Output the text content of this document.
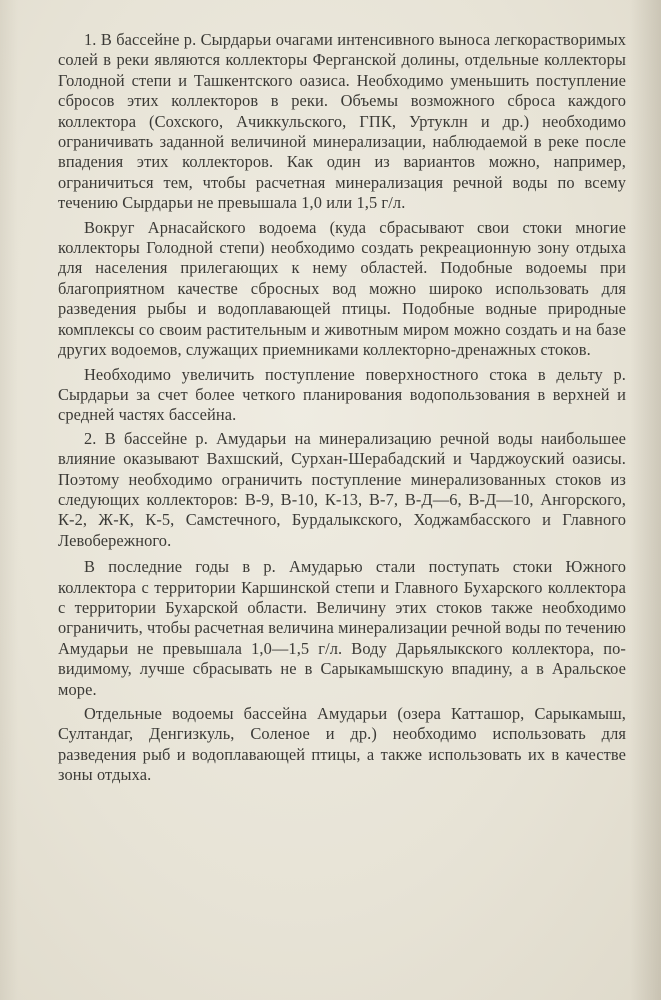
1. В бассейне р. Сырдарьи очагами интенсивного выноса легкорастворимых солей в реки являются коллекторы Ферганской долины, отдельные коллекторы Голодной степи и Ташкентского оазиса. Необходимо уменьшить поступление сбросов этих коллекторов в реки. Объемы возможного сброса каждого коллектора (Сохского, Ачиккульского, ГПК, Уртуклн и др.) необходимо ограничивать заданной величиной минерализации, наблюдаемой в реке после впадения этих коллекторов. Как один из вариантов можно, например, ограничиться тем, чтобы расчетная минерализация речной воды по всему течению Сырдарьи не превышала 1,0 или 1,5 г/л.

Вокруг Арнасайского водоема (куда сбрасывают свои стоки многие коллекторы Голодной степи) необходимо создать рекреационную зону отдыха для населения прилегающих к нему областей. Подобные водоемы при благоприятном качестве сбросных вод можно широко использовать для разведения рыбы и водоплавающей птицы. Подобные водные природные комплексы со своим растительным и животным миром можно создать и на базе других водоемов, служащих приемниками коллекторно-дренажных стоков.

Необходимо увеличить поступление поверхностного стока в дельту р. Сырдарьи за счет более четкого планирования водопользования в верхней и средней частях бассейна.

2. В бассейне р. Амударьи на минерализацию речной воды наибольшее влияние оказывают Вахшский, Сурхан-Шерабадский и Чарджоуский оазисы. Поэтому необходимо ограничить поступление минерализованных стоков из следующих коллекторов: В-9, В-10, К-13, В-7, В-Д—6, В-Д—10, Ангорского, К-2, Ж-К, К-5, Самстечного, Бурдалыкского, Ходжамбасского и Главного Левобережного.

В последние годы в р. Амударью стали поступать стоки Южного коллектора с территории Каршинской степи и Главного Бухарского коллектора с территории Бухарской области. Величину этих стоков также необходимо ограничить, чтобы расчетная величина минерализации речной воды по течению Амударьи не превышала 1,0—1,5 г/л. Воду Дарьялыкского коллектора, по-видимому, лучше сбрасывать не в Сарыкамышскую впадину, а в Аральское море.

Отдельные водоемы бассейна Амударьи (озера Катташор, Сарыкамыш, Султандаг, Денгизкуль, Соленое и др.) необходимо использовать для разведения рыб и водоплавающей птицы, а также использовать их в качестве зоны отдыха.
